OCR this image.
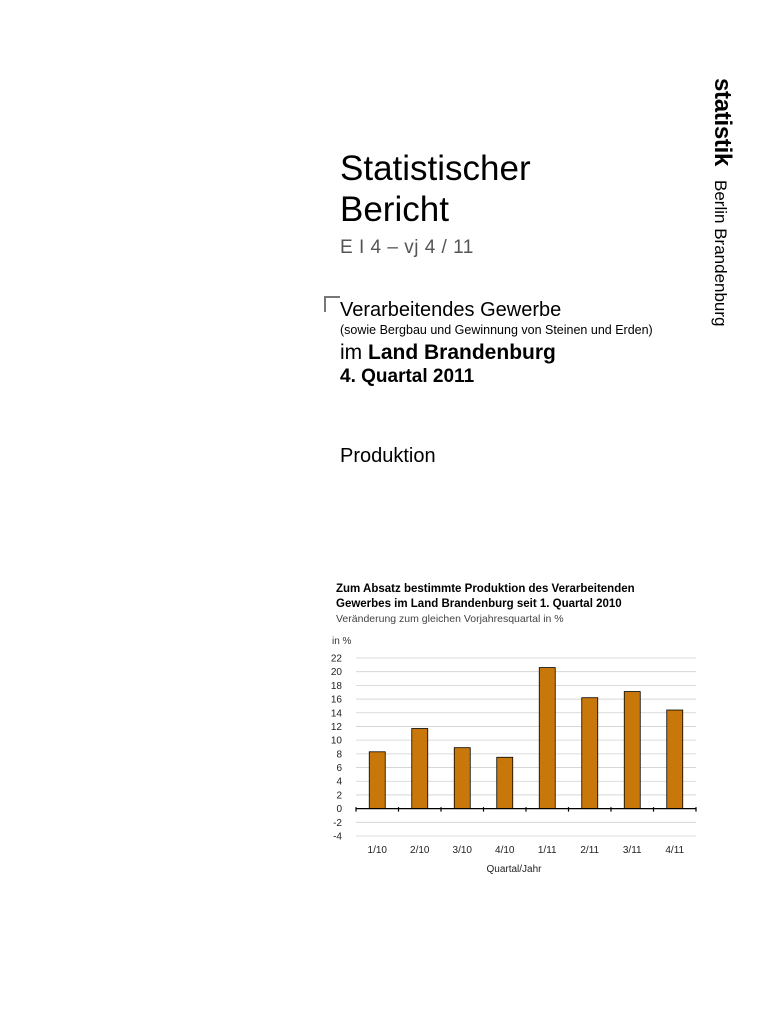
statistikBerlin Brandenburg
Statistischer
Bericht
E I 4 – vj 4 / 11
Verarbeitendes Gewerbe
(sowie Bergbau und Gewinnung von Steinen und Erden)
im Land Brandenburg
4. Quartal 2011
Produktion
Zum Absatz bestimmte Produktion des Verarbeitenden Gewerbes im Land Brandenburg seit 1. Quartal 2010
Veränderung zum gleichen Vorjahresquartal in %
in %
22
20
18
16
14
12
10
8
6
4
2
0
-2
-4
1/10 2/10 3/10 4/10 1/11 2/11 3/11 4/11
Quartal/Jahr
